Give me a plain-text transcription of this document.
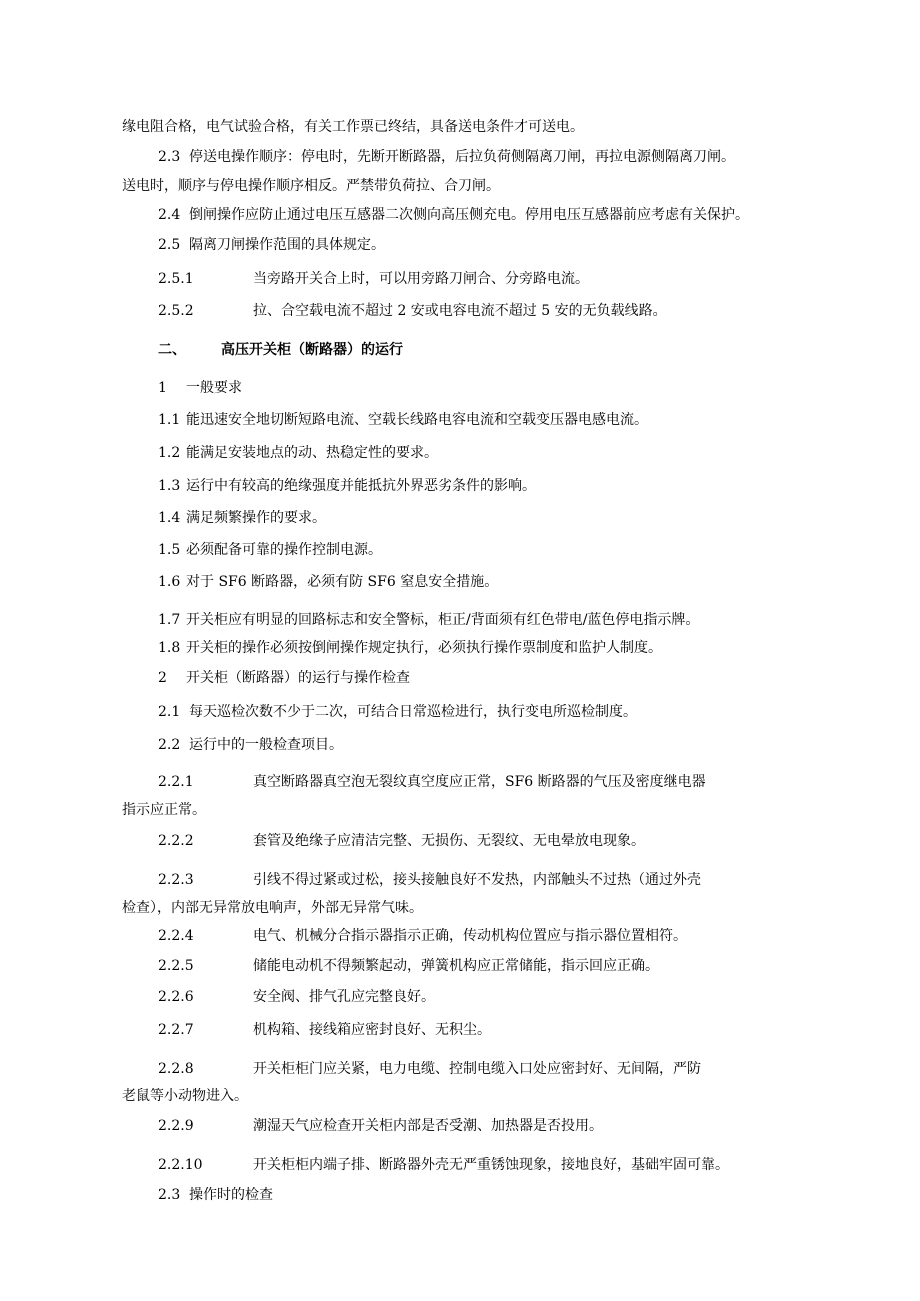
缘电阻合格，电气试验合格，有关工作票已终结，具备送电条件才可送电。
2.3 停送电操作顺序：停电时，先断开断路器，后拉负荷侧隔离刀闸，再拉电源侧隔离刀闸。
送电时，顺序与停电操作顺序相反。严禁带负荷拉、合刀闸。
2.4 倒闸操作应防止通过电压互感器二次侧向高压侧充电。停用电压互感器前应考虑有关保护。
2.5 隔离刀闸操作范围的具体规定。
2.5.1	当旁路开关合上时，可以用旁路刀闸合、分旁路电流。
2.5.2	拉、合空载电流不超过 2 安或电容电流不超过 5 安的无负载线路。
二、	高压开关柜（断路器）的运行
1 一般要求
1.1 能迅速安全地切断短路电流、空载长线路电容电流和空载变压器电感电流。
1.2 能满足安装地点的动、热稳定性的要求。
1.3 运行中有较高的绝缘强度并能抵抗外界恶劣条件的影响。
1.4 满足频繁操作的要求。
1.5 必须配备可靠的操作控制电源。
1.6 对于 SF6 断路器，必须有防 SF6 窒息安全措施。
1.7 开关柜应有明显的回路标志和安全警标，柜正/背面须有红色带电/蓝色停电指示牌。
1.8 开关柜的操作必须按倒闸操作规定执行，必须执行操作票制度和监护人制度。
2 开关柜（断路器）的运行与操作检查
2.1 每天巡检次数不少于二次，可结合日常巡检进行，执行变电所巡检制度。
2.2 运行中的一般检查项目。
2.2.1	真空断路器真空泡无裂纹真空度应正常，SF6 断路器的气压及密度继电器
指示应正常。
2.2.2	套管及绝缘子应清洁完整、无损伤、无裂纹、无电晕放电现象。
2.2.3	引线不得过紧或过松，接头接触良好不发热，内部触头不过热（通过外壳
检查），内部无异常放电响声，外部无异常气味。
2.2.4	电气、机械分合指示器指示正确，传动机构位置应与指示器位置相符。
2.2.5	储能电动机不得频繁起动，弹簧机构应正常储能，指示回应正确。
2.2.6	安全阀、排气孔应完整良好。
2.2.7	机构箱、接线箱应密封良好、无积尘。
2.2.8	开关柜柜门应关紧，电力电缆、控制电缆入口处应密封好、无间隔，严防
老鼠等小动物进入。
2.2.9	潮湿天气应检查开关柜内部是否受潮、加热器是否投用。
2.2.10	开关柜柜内端子排、断路器外壳无严重锈蚀现象，接地良好，基础牢固可靠。
2.3 操作时的检查
